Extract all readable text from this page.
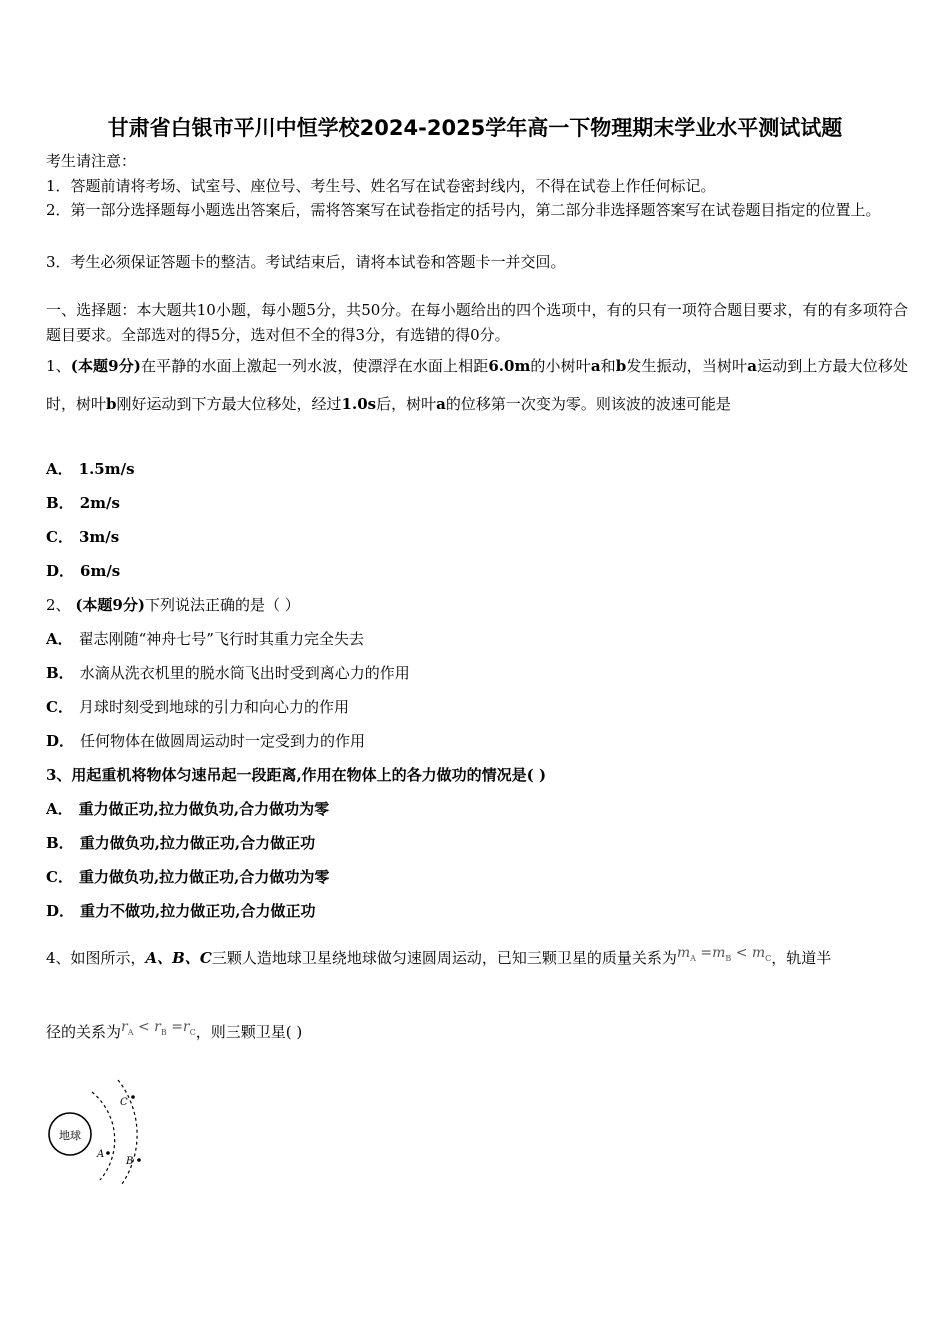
甘肃省白银市平川中恒学校2024-2025学年高一下物理期末学业水平测试试题
考生请注意：
1．答题前请将考场、试室号、座位号、考生号、姓名写在试卷密封线内，不得在试卷上作任何标记。
2．第一部分选择题每小题选出答案后，需将答案写在试卷指定的括号内，第二部分非选择题答案写在试卷题目指定的位置上。
3．考生必须保证答题卡的整洁。考试结束后，请将本试卷和答题卡一并交回。
一、选择题：本大题共10小题，每小题5分，共50分。在每小题给出的四个选项中，有的只有一项符合题目要求，有的有多项符合题目要求。全部选对的得5分，选对但不全的得3分，有选错的得0分。
1、(本题9分)在平静的水面上激起一列水波，使漂浮在水面上相距6.0m的小树叶a和b发生振动，当树叶a运动到上方最大位移处时，树叶b刚好运动到下方最大位移处，经过1.0s后，树叶a的位移第一次变为零。则该波的波速可能是
A． 1.5m/s
B． 2m/s
C． 3m/s
D． 6m/s
2、 (本题9分)下列说法正确的是（ ）
A． 翟志刚随“神舟七号”飞行时其重力完全失去
B． 水滴从洗衣机里的脱水筒飞出时受到离心力的作用
C． 月球时刻受到地球的引力和向心力的作用
D． 任何物体在做圆周运动时一定受到力的作用
3、用起重机将物体匀速吊起一段距离,作用在物体上的各力做功的情况是( )
A． 重力做正功,拉力做负功,合力做功为零
B． 重力做负功,拉力做正功,合力做正功
C． 重力做负功,拉力做正功,合力做功为零
D． 重力不做功,拉力做正功,合力做正功
4、如图所示，A、B、C三颗人造地球卫星绕地球做匀速圆周运动，已知三颗卫星的质量关系为$m_A =m_B < m_C$，轨道半
径的关系为$r_A < r_B =r_C$，则三颗卫星( )
地球
C
A
B
